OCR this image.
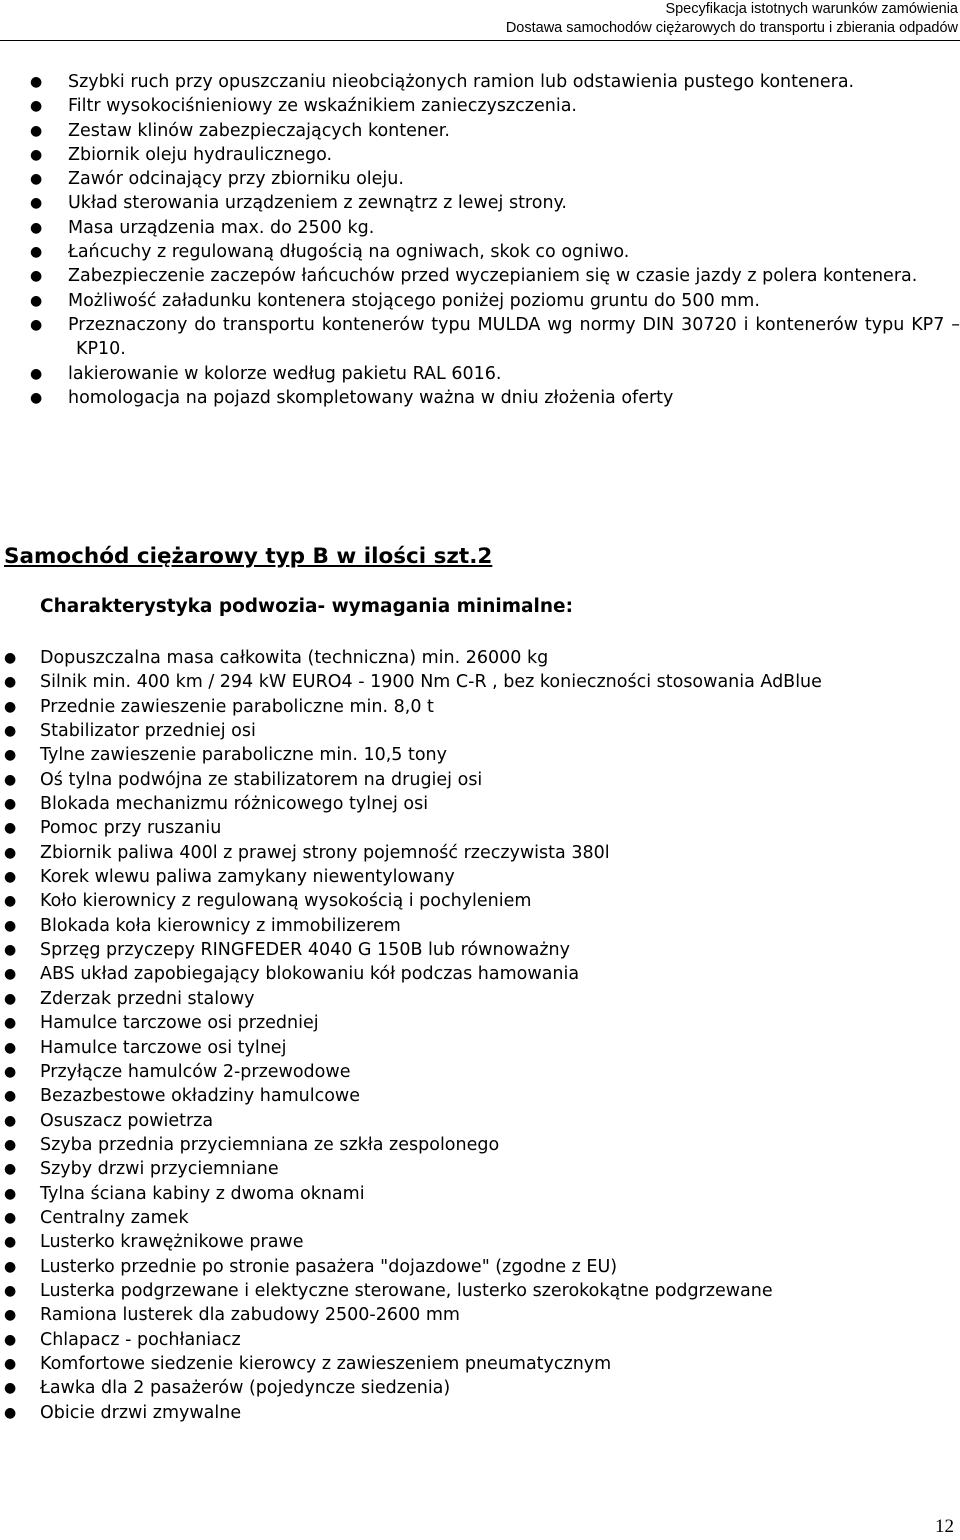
Specyfikacja istotnych warunków zamówienia
Dostawa samochodów ciężarowych do transportu i zbierania odpadów
●	Szybki ruch przy opuszczaniu nieobciążonych ramion lub odstawienia pustego kontenera.
●	Filtr wysokociśnieniowy ze wskaźnikiem zanieczyszczenia.
●	Zestaw klinów zabezpieczających kontener.
●	Zbiornik oleju hydraulicznego.
●	Zawór odcinający przy zbiorniku oleju.
●	Układ sterowania urządzeniem z zewnątrz z lewej strony.
●	Masa urządzenia max. do 2500 kg.
●	Łańcuchy z regulowaną długością na ogniwach, skok co ogniwo.
●	Zabezpieczenie zaczepów łańcuchów przed wyczepianiem się w czasie jazdy z polera kontenera.
●	Możliwość załadunku kontenera stojącego poniżej poziomu gruntu do 500 mm.
●	Przeznaczony do transportu kontenerów typu MULDA wg normy DIN 30720 i kontenerów typu KP7 – KP10.
●	lakierowanie w kolorze według pakietu RAL 6016.
●	homologacja na pojazd skompletowany ważna w dniu złożenia oferty
Samochód ciężarowy typ B w ilości szt.2
Charakterystyka podwozia- wymagania minimalne:
●	Dopuszczalna masa całkowita (techniczna) min. 26000 kg
●	Silnik min. 400 km / 294 kW EURO4 - 1900 Nm C-R , bez konieczności stosowania AdBlue
●	Przednie zawieszenie paraboliczne min. 8,0 t
●	Stabilizator przedniej osi
●	Tylne zawieszenie paraboliczne min. 10,5 tony
●	Oś tylna podwójna ze stabilizatorem na drugiej osi
●	Blokada mechanizmu różnicowego tylnej osi
●	Pomoc przy ruszaniu
●	Zbiornik paliwa 400l z prawej strony pojemność rzeczywista 380l
●	Korek wlewu paliwa zamykany niewentylowany
●	Koło kierownicy z regulowaną wysokością i pochyleniem
●	Blokada koła kierownicy z immobilizerem
●	Sprzęg przyczepy RINGFEDER 4040 G 150B lub równoważny
●	ABS układ zapobiegający blokowaniu kół podczas hamowania
●	Zderzak przedni stalowy
●	Hamulce tarczowe osi przedniej
●	Hamulce tarczowe osi tylnej
●	Przyłącze hamulców 2-przewodowe
●	Bezazbestowe okładziny hamulcowe
●	Osuszacz powietrza
●	Szyba przednia przyciemniana ze szkła zespolonego
●	Szyby drzwi przyciemniane
●	Tylna ściana kabiny z dwoma oknami
●	Centralny zamek
●	Lusterko krawężnikowe prawe
●	Lusterko przednie po stronie pasażera "dojazdowe" (zgodne z EU)
●	Lusterka podgrzewane i elektyczne sterowane, lusterko szerokokątne podgrzewane
●	Ramiona lusterek dla zabudowy 2500-2600 mm
●	Chlapacz - pochłaniacz
●	Komfortowe siedzenie kierowcy z zawieszeniem pneumatycznym
●	Ławka dla 2 pasażerów (pojedyncze siedzenia)
●	Obicie drzwi zmywalne
12
